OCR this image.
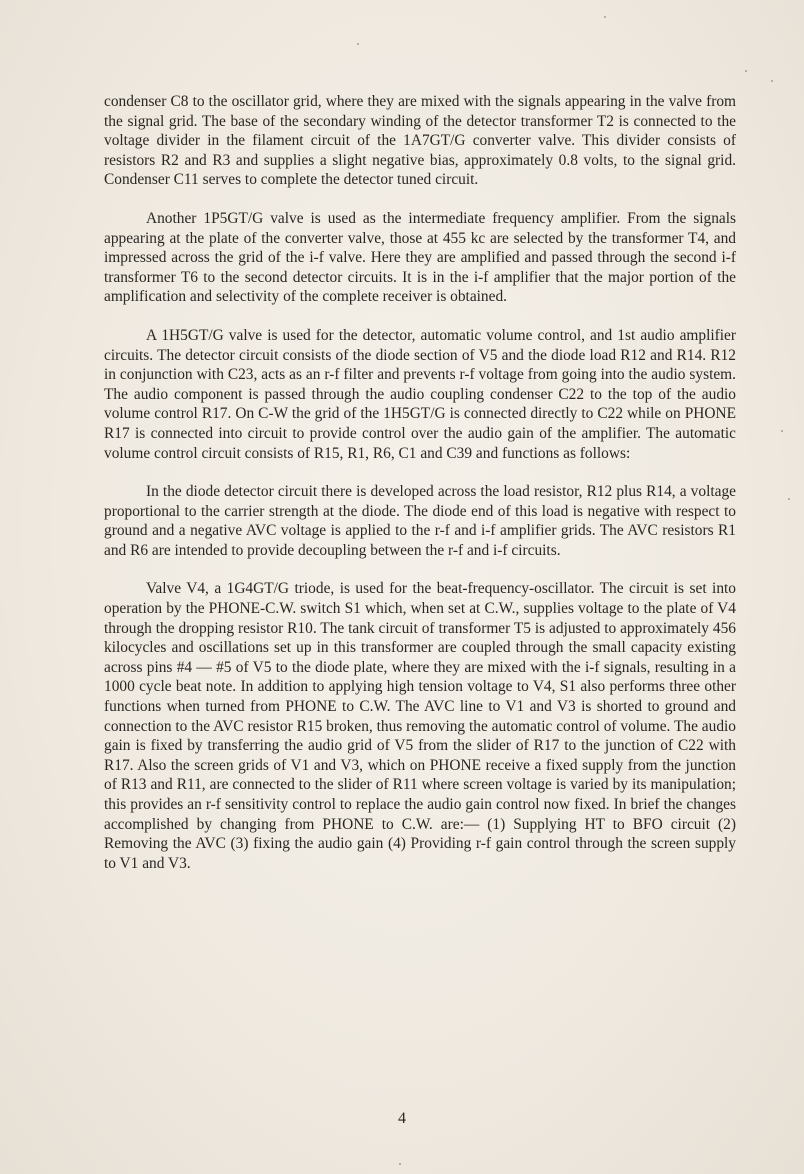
condenser C8 to the oscillator grid, where they are mixed with the signals appearing in the valve from the signal grid. The base of the secondary winding of the detector transformer T2 is connected to the voltage divider in the filament circuit of the 1A7GT/G converter valve. This divider consists of resistors R2 and R3 and supplies a slight negative bias, approximately 0.8 volts, to the signal grid. Condenser C11 serves to complete the detector tuned circuit.

Another 1P5GT/G valve is used as the intermediate frequency amplifier. From the signals appearing at the plate of the converter valve, those at 455 kc are selected by the transformer T4, and impressed across the grid of the i-f valve. Here they are amplified and passed through the second i-f transformer T6 to the second detector circuits. It is in the i-f amplifier that the major portion of the amplification and selectivity of the complete receiver is obtained.

A 1H5GT/G valve is used for the detector, automatic volume control, and 1st audio amplifier circuits. The detector circuit consists of the diode section of V5 and the diode load R12 and R14. R12 in conjunction with C23, acts as an r-f filter and prevents r-f voltage from going into the audio system. The audio component is passed through the audio coupling condenser C22 to the top of the audio volume control R17. On C-W the grid of the 1H5GT/G is connected directly to C22 while on PHONE R17 is connected into circuit to provide control over the audio gain of the amplifier. The automatic volume control circuit consists of R15, R1, R6, C1 and C39 and functions as follows:

In the diode detector circuit there is developed across the load resistor, R12 plus R14, a voltage proportional to the carrier strength at the diode. The diode end of this load is negative with respect to ground and a negative AVC voltage is applied to the r-f and i-f amplifier grids. The AVC resistors R1 and R6 are intended to provide decoupling between the r-f and i-f circuits.

Valve V4, a 1G4GT/G triode, is used for the beat-frequency-oscillator. The circuit is set into operation by the PHONE-C.W. switch S1 which, when set at C.W., supplies voltage to the plate of V4 through the dropping resistor R10. The tank circuit of transformer T5 is adjusted to approximately 456 kilocycles and oscillations set up in this transformer are coupled through the small capacity existing across pins #4 — #5 of V5 to the diode plate, where they are mixed with the i-f signals, resulting in a 1000 cycle beat note. In addition to applying high tension voltage to V4, S1 also performs three other functions when turned from PHONE to C.W. The AVC line to V1 and V3 is shorted to ground and connection to the AVC resistor R15 broken, thus removing the automatic control of volume. The audio gain is fixed by transferring the audio grid of V5 from the slider of R17 to the junction of C22 with R17. Also the screen grids of V1 and V3, which on PHONE receive a fixed supply from the junction of R13 and R11, are connected to the slider of R11 where screen voltage is varied by its manipulation; this provides an r-f sensitivity control to replace the audio gain control now fixed. In brief the changes accomplished by changing from PHONE to C.W. are:— (1) Supplying HT to BFO circuit (2) Removing the AVC (3) fixing the audio gain (4) Providing r-f gain control through the screen supply to V1 and V3.

4
